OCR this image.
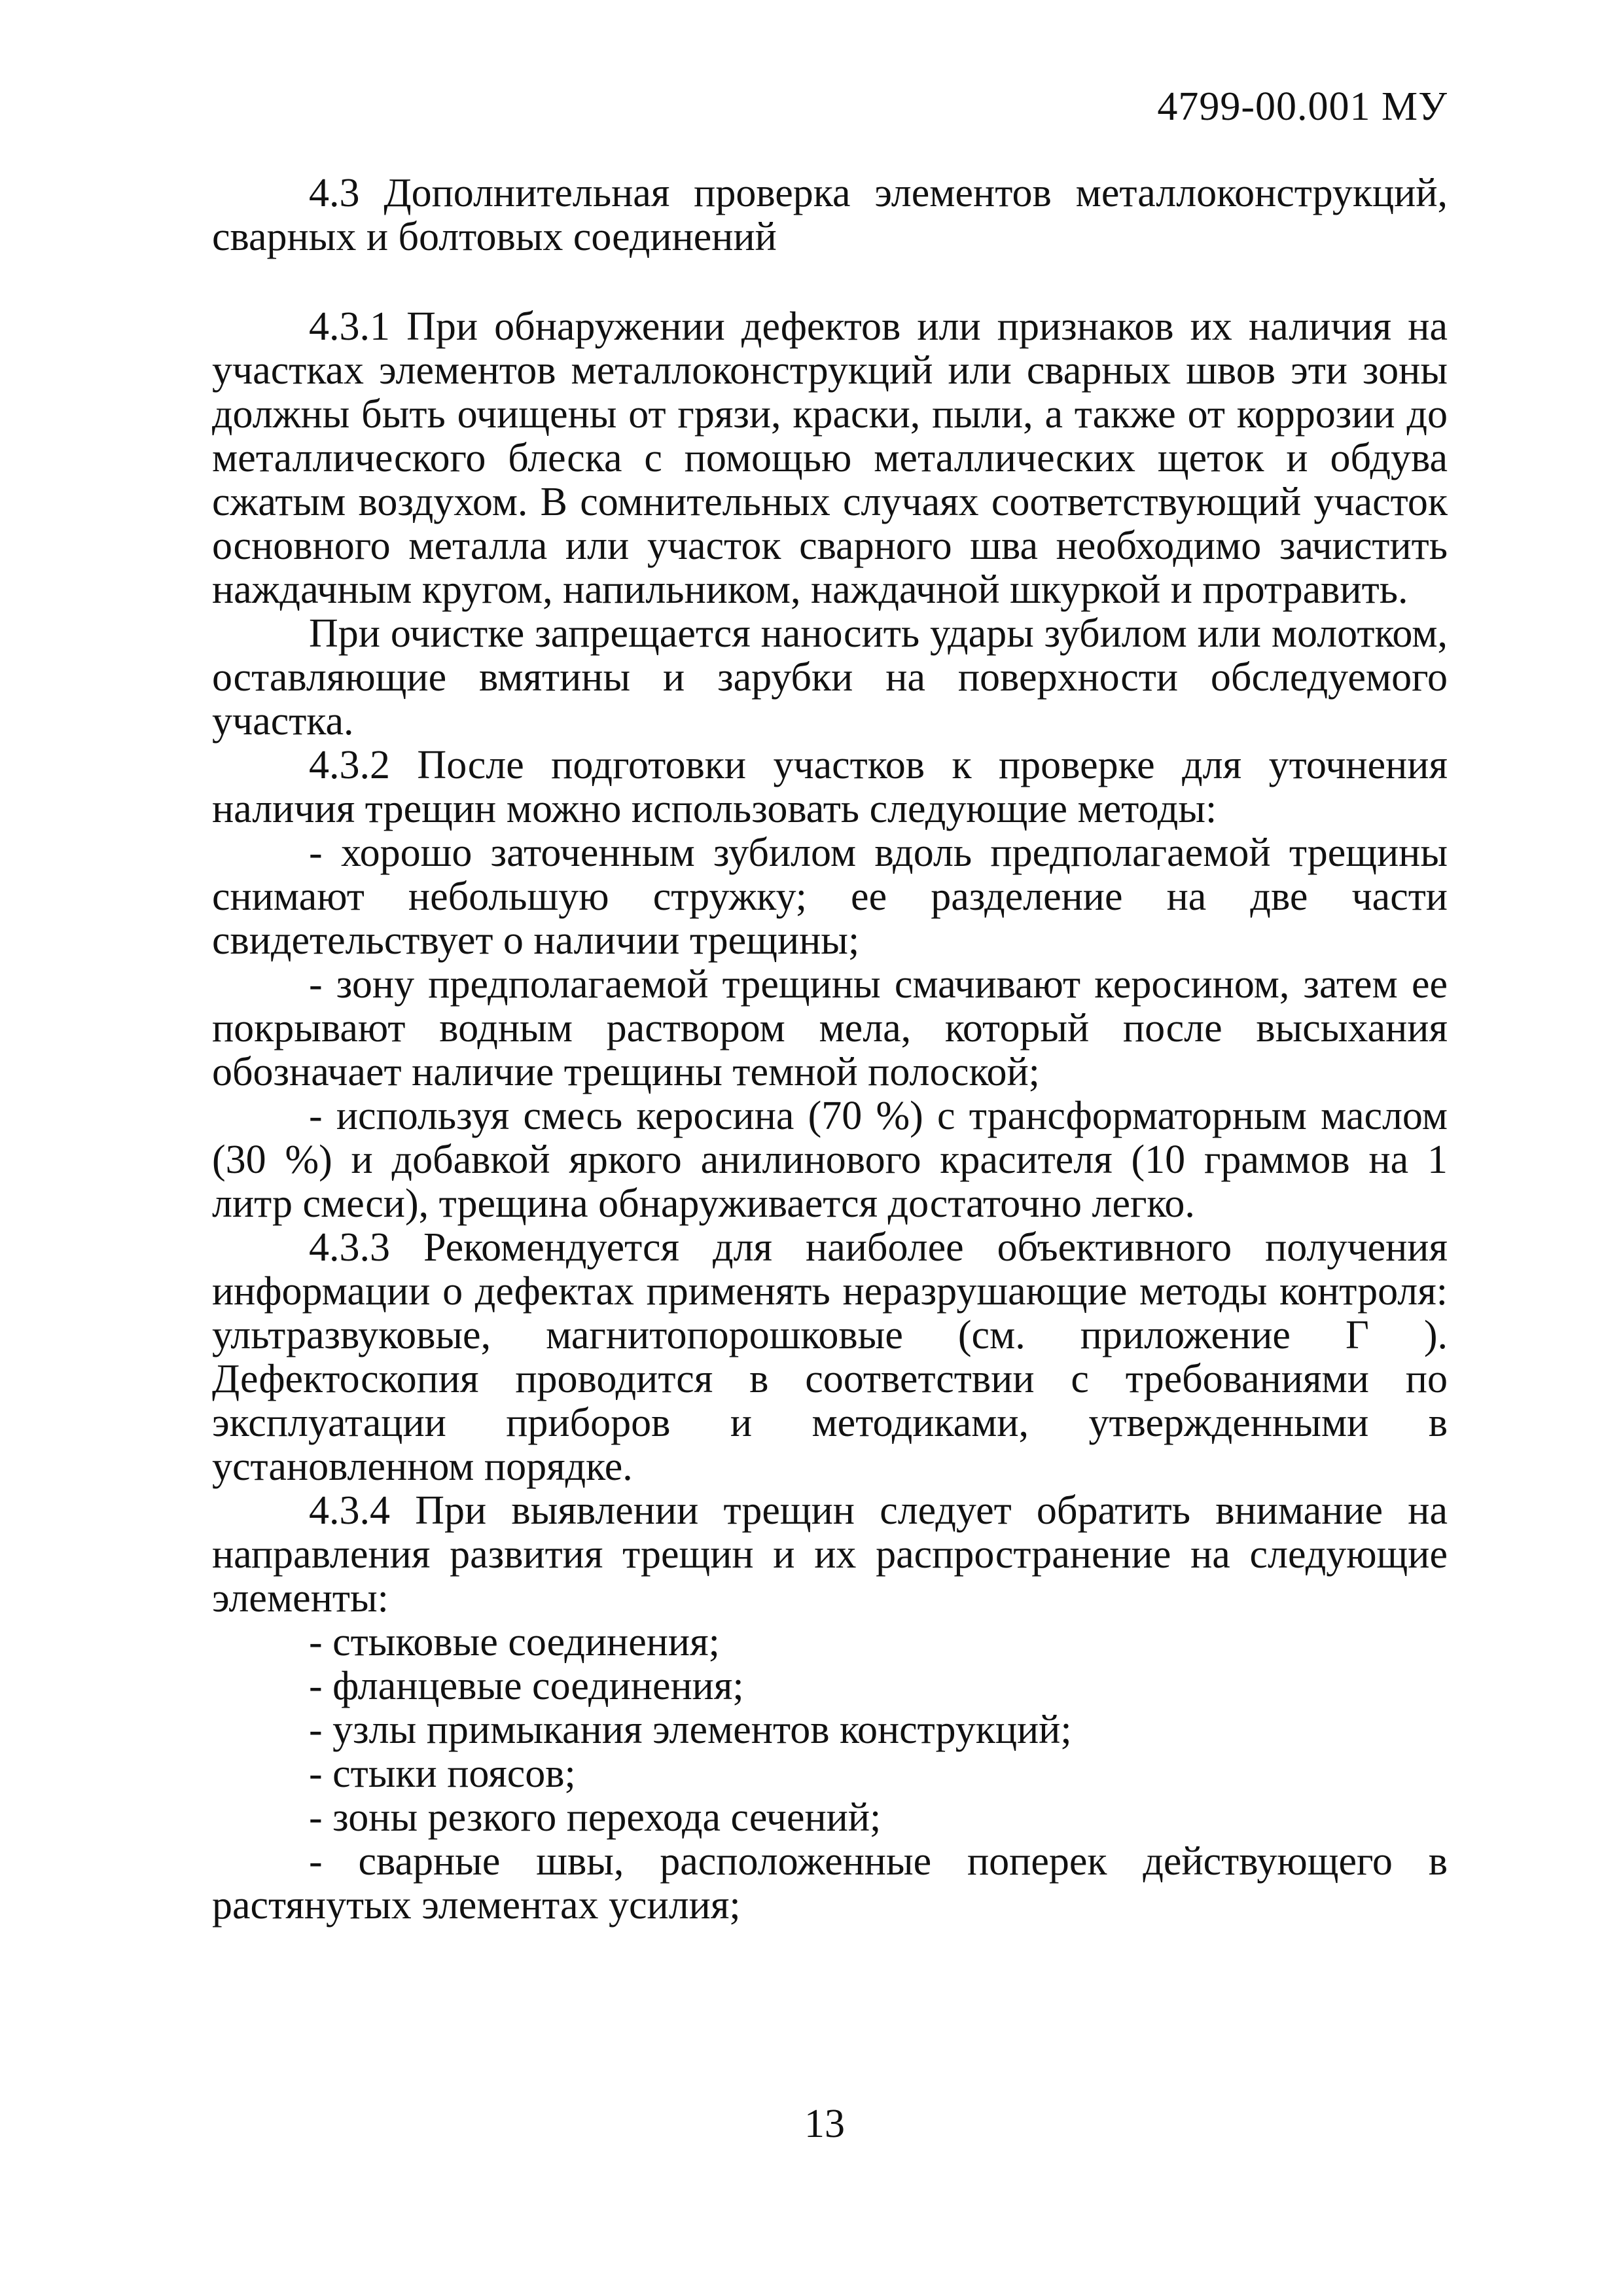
4799-00.001 МУ

4.3 Дополнительная проверка элементов металлоконструкций, сварных и болтовых соединений

4.3.1 При обнаружении дефектов или признаков их наличия на участках элементов металлоконструкций или сварных швов эти зоны должны быть очищены от грязи, краски, пыли, а также от коррозии до металлического блеска с помощью металлических щеток и обдува сжатым воздухом. В сомнительных случаях соответствующий участок основного металла или участок сварного шва необходимо зачистить наждачным кругом, напильником, наждачной шкуркой и протравить.

При очистке запрещается наносить удары зубилом или молотком, оставляющие вмятины и зарубки на поверхности обследуемого участка.

4.3.2 После подготовки участков к проверке для уточнения наличия трещин можно использовать следующие методы:

- хорошо заточенным зубилом вдоль предполагаемой трещины снимают небольшую стружку; ее разделение на две части свидетельствует о наличии трещины;

- зону предполагаемой трещины смачивают керосином, затем ее покрывают водным раствором мела, который после высыхания обозначает наличие трещины темной полоской;

- используя смесь керосина (70 %) с трансформаторным маслом (30 %) и добавкой яркого анилинового красителя (10 граммов на 1 литр смеси), трещина обнаруживается достаточно легко.

4.3.3 Рекомендуется для наиболее объективного получения информации о дефектах применять неразрушающие методы контроля: ультразвуковые, магнитопорошковые (см. приложение Г ). Дефектоскопия проводится в соответствии с требованиями по эксплуатации приборов и методиками, утвержденными в установленном порядке.

4.3.4 При выявлении трещин следует обратить внимание на направления развития трещин и их распространение на следующие элементы:

- стыковые соединения;

- фланцевые соединения;

- узлы примыкания элементов конструкций;

- стыки поясов;

- зоны резкого перехода сечений;

- сварные швы, расположенные поперек действующего в растянутых элементах усилия;

13
